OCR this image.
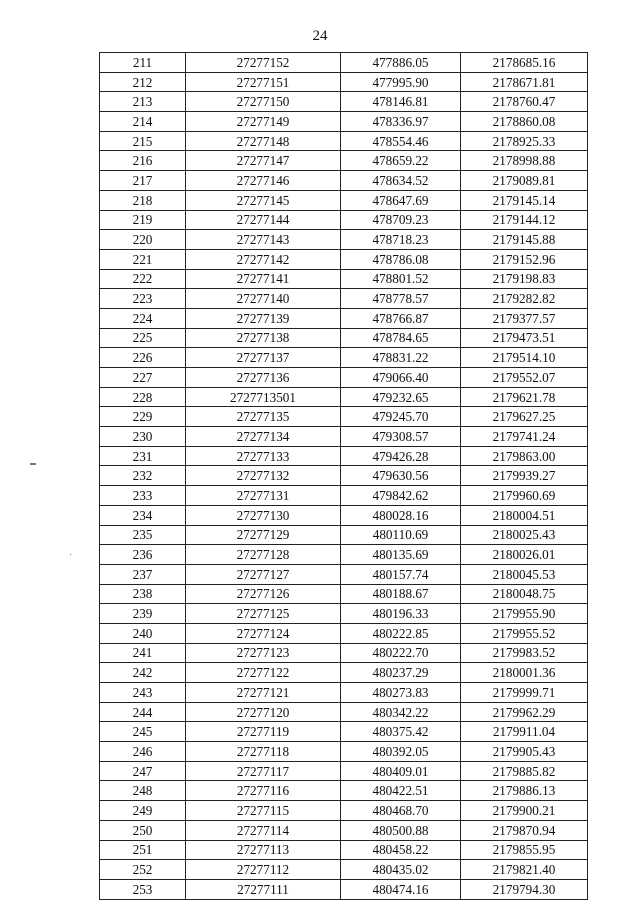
24
211	27277152	477886.05	2178685.16
212	27277151	477995.90	2178671.81
213	27277150	478146.81	2178760.47
214	27277149	478336.97	2178860.08
215	27277148	478554.46	2178925.33
216	27277147	478659.22	2178998.88
217	27277146	478634.52	2179089.81
218	27277145	478647.69	2179145.14
219	27277144	478709.23	2179144.12
220	27277143	478718.23	2179145.88
221	27277142	478786.08	2179152.96
222	27277141	478801.52	2179198.83
223	27277140	478778.57	2179282.82
224	27277139	478766.87	2179377.57
225	27277138	478784.65	2179473.51
226	27277137	478831.22	2179514.10
227	27277136	479066.40	2179552.07
228	2727713501	479232.65	2179621.78
229	27277135	479245.70	2179627.25
230	27277134	479308.57	2179741.24
231	27277133	479426.28	2179863.00
232	27277132	479630.56	2179939.27
233	27277131	479842.62	2179960.69
234	27277130	480028.16	2180004.51
235	27277129	480110.69	2180025.43
236	27277128	480135.69	2180026.01
237	27277127	480157.74	2180045.53
238	27277126	480188.67	2180048.75
239	27277125	480196.33	2179955.90
240	27277124	480222.85	2179955.52
241	27277123	480222.70	2179983.52
242	27277122	480237.29	2180001.36
243	27277121	480273.83	2179999.71
244	27277120	480342.22	2179962.29
245	27277119	480375.42	2179911.04
246	27277118	480392.05	2179905.43
247	27277117	480409.01	2179885.82
248	27277116	480422.51	2179886.13
249	27277115	480468.70	2179900.21
250	27277114	480500.88	2179870.94
251	27277113	480458.22	2179855.95
252	27277112	480435.02	2179821.40
253	27277111	480474.16	2179794.30
